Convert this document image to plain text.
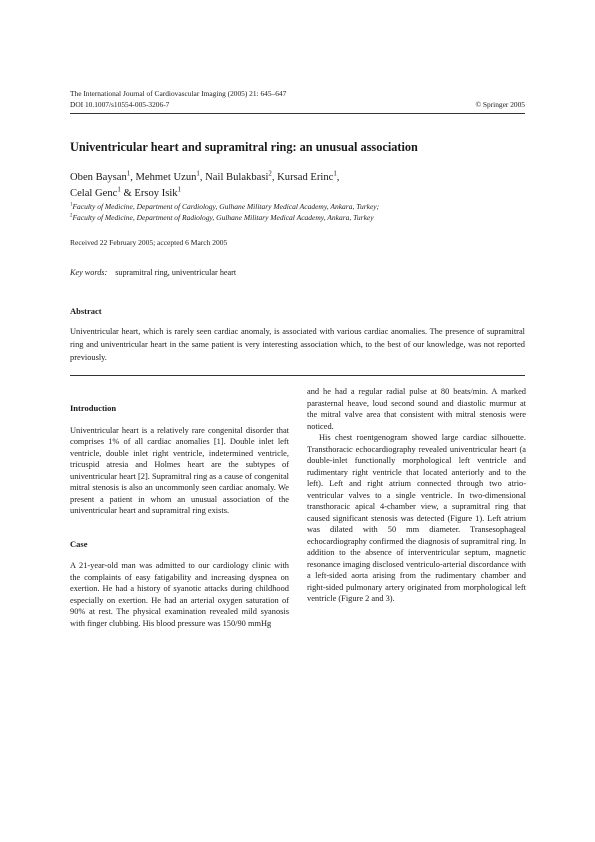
The International Journal of Cardiovascular Imaging (2005) 21: 645–647
DOI 10.1007/s10554-005-3206-7	© Springer 2005
Univentricular heart and supramitral ring: an unusual association
Oben Baysan$^1$, Mehmet Uzun$^1$, Nail Bulakbasi$^2$, Kursad Erinc$^1$,
Celal Genc$^1$ & Ersoy Isik$^1$
$^1$Faculty of Medicine, Department of Cardiology, Gulhane Military Medical Academy, Ankara, Turkey;
$^2$Faculty of Medicine, Department of Radiology, Gulhane Military Medical Academy, Ankara, Turkey
Received 22 February 2005; accepted 6 March 2005
Key words: supramitral ring, univentricular heart
Abstract
Univentricular heart, which is rarely seen cardiac anomaly, is associated with various cardiac anomalies. The presence of supramitral ring and univentricular heart in the same patient is very interesting association which, to the best of our knowledge, was not reported previously.
Introduction

Univentricular heart is a relatively rare congenital disorder that comprises 1% of all cardiac anomalies [1]. Double inlet left ventricle, double inlet right ventricle, indetermined ventricle, tricuspid atresia and Holmes heart are the subtypes of univentricular heart [2]. Supramitral ring as a cause of congenital mitral stenosis is also an uncommonly seen cardiac anomaly. We present a patient in whom an unusual association of the univentricular heart and supramitral ring exists.

Case

A 21-year-old man was admitted to our cardiology clinic with the complaints of easy fatigability and increasing dyspnea on exertion. He had a history of syanotic attacks during childhood especially on exertion. He had an arterial oxygen saturation of 90% at rest. The physical examination revealed mild syanosis with finger clubbing. His blood pressure was 150/90 mmHg

and he had a regular radial pulse at 80 beats/min. A marked parasternal heave, loud second sound and diastolic murmur at the mitral valve area that consistent with mitral stenosis were noticed.

His chest roentgenogram showed large cardiac silhouette. Transthoracic echocardiography revealed univentricular heart (a double-inlet functionally morphological left ventricle and rudimentary right ventricle that located anteriorly and to the left). Left and right atrium connected through two atrio-ventricular valves to a single ventricle. In two-dimensional transthoracic apical 4-chamber view, a supramitral ring that caused significant stenosis was detected (Figure 1). Left atrium was dilated with 50 mm diameter. Transesophageal echocardiography confirmed the diagnosis of supramitral ring. In addition to the absence of interventricular septum, magnetic resonance imaging disclosed ventriculo-arterial discordance with a left-sided aorta arising from the rudimentary chamber and right-sided pulmonary artery originated from morphological left ventricle (Figure 2 and 3).
